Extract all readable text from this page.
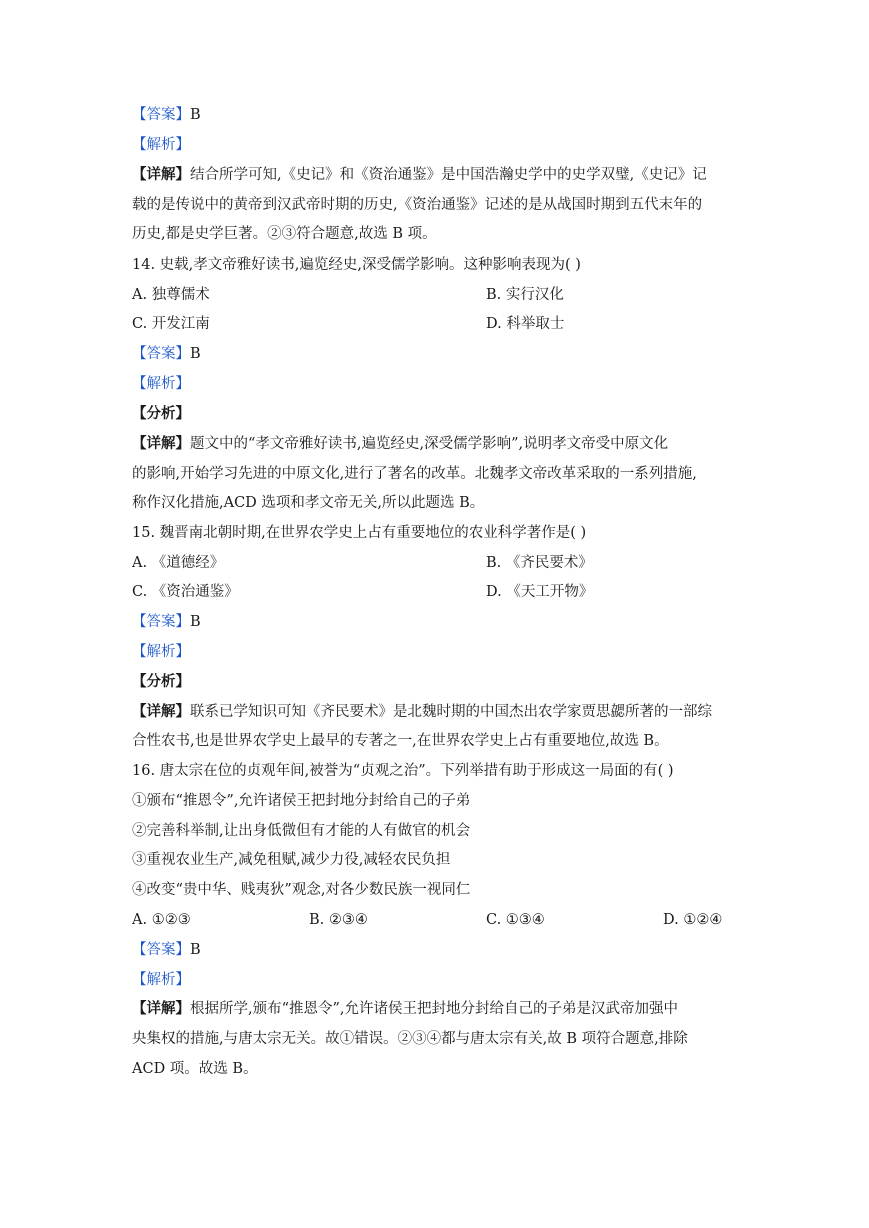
【答案】B
【解析】
【详解】结合所学可知,《史记》和《资治通鉴》是中国浩瀚史学中的史学双璧,《史记》记
载的是传说中的黄帝到汉武帝时期的历史,《资治通鉴》记述的是从战国时期到五代末年的
历史,都是史学巨著。②③符合题意,故选 B 项。
14. 史载,孝文帝雅好读书,遍览经史,深受儒学影响。这种影响表现为( )
A. 独尊儒术	B. 实行汉化
C. 开发江南	D. 科举取士
【答案】B
【解析】
【分析】
【详解】题文中的“孝文帝雅好读书,遍览经史,深受儒学影响”,说明孝文帝受中原文化
的影响,开始学习先进的中原文化,进行了著名的改革。北魏孝文帝改革采取的一系列措施,
称作汉化措施,ACD 选项和孝文帝无关,所以此题选 B。
15. 魏晋南北朝时期,在世界农学史上占有重要地位的农业科学著作是( )
A. 《道德经》	B. 《齐民要术》
C. 《资治通鉴》	D. 《天工开物》
【答案】B
【解析】
【分析】
【详解】联系已学知识可知《齐民要术》是北魏时期的中国杰出农学家贾思勰所著的一部综
合性农书,也是世界农学史上最早的专著之一,在世界农学史上占有重要地位,故选 B。
16. 唐太宗在位的贞观年间,被誉为“贞观之治”。下列举措有助于形成这一局面的有( )
①颁布“推恩令”,允许诸侯王把封地分封给自己的子弟
②完善科举制,让出身低微但有才能的人有做官的机会
③重视农业生产,减免租赋,减少力役,减轻农民负担
④改变“贵中华、贱夷狄”观念,对各少数民族一视同仁
A. ①②③	B. ②③④	C. ①③④	D. ①②④
【答案】B
【解析】
【详解】根据所学,颁布“推恩令”,允许诸侯王把封地分封给自己的子弟是汉武帝加强中
央集权的措施,与唐太宗无关。故①错误。②③④都与唐太宗有关,故 B 项符合题意,排除
ACD 项。故选 B。
